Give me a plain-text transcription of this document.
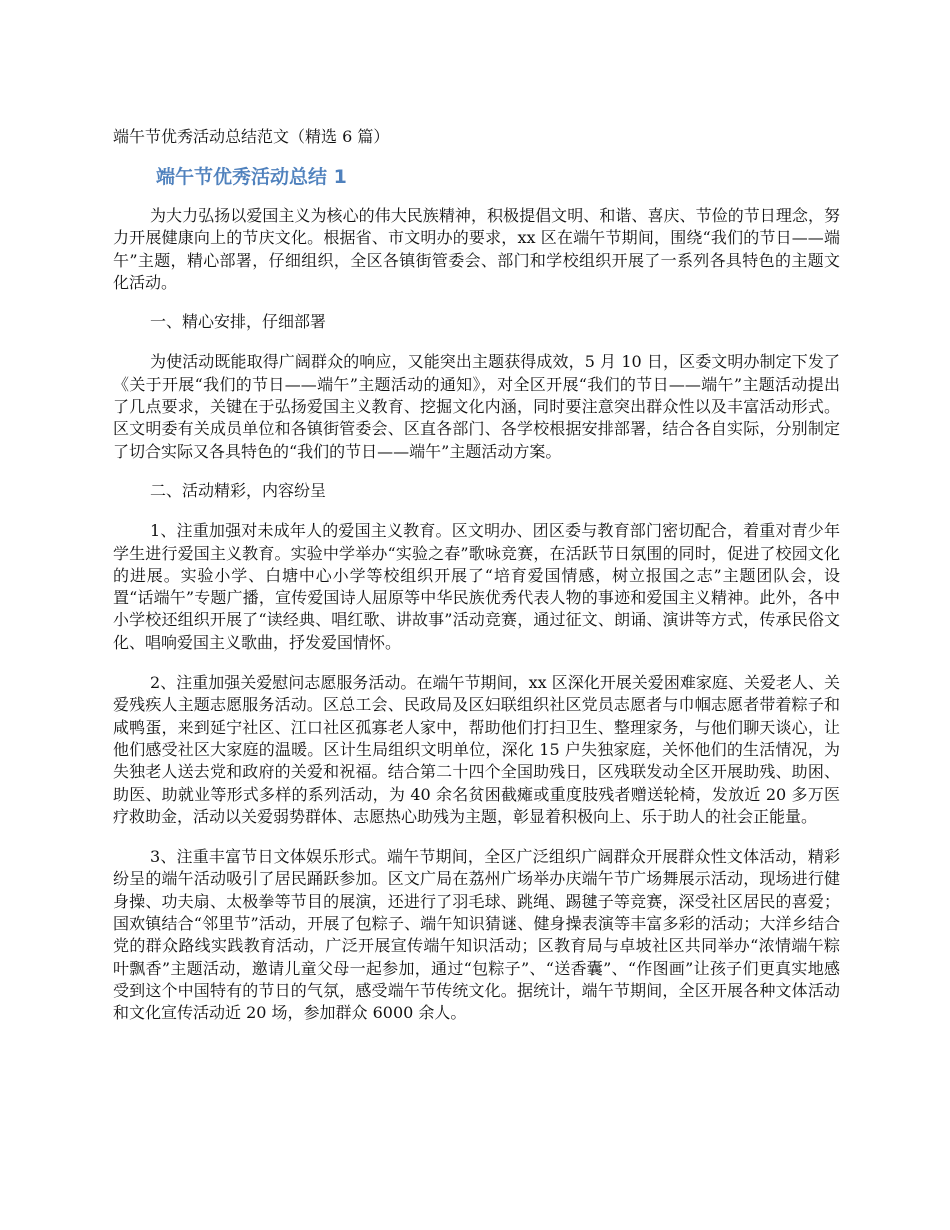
端午节优秀活动总结范文（精选 6 篇）
端午节优秀活动总结 1

为大力弘扬以爱国主义为核心的伟大民族精神，积极提倡文明、和谐、喜庆、节俭的节日理念，努力开展健康向上的节庆文化。根据省、市文明办的要求，xx 区在端午节期间，围绕“我们的节日——端午”主题，精心部署，仔细组织，全区各镇街管委会、部门和学校组织开展了一系列各具特色的主题文化活动。

一、精心安排，仔细部署

为使活动既能取得广阔群众的响应，又能突出主题获得成效，5 月 10 日，区委文明办制定下发了《关于开展“我们的节日——端午”主题活动的通知》，对全区开展“我们的节日——端午”主题活动提出了几点要求，关键在于弘扬爱国主义教育、挖掘文化内涵，同时要注意突出群众性以及丰富活动形式。区文明委有关成员单位和各镇街管委会、区直各部门、各学校根据安排部署，结合各自实际，分别制定了切合实际又各具特色的“我们的节日——端午”主题活动方案。

二、活动精彩，内容纷呈

1、注重加强对未成年人的爱国主义教育。区文明办、团区委与教育部门密切配合，着重对青少年学生进行爱国主义教育。实验中学举办“实验之春”歌咏竞赛，在活跃节日氛围的同时，促进了校园文化的进展。实验小学、白塘中心小学等校组织开展了“培育爱国情感，树立报国之志”主题团队会，设置“话端午”专题广播，宣传爱国诗人屈原等中华民族优秀代表人物的事迹和爱国主义精神。此外，各中小学校还组织开展了“读经典、唱红歌、讲故事”活动竞赛，通过征文、朗诵、演讲等方式，传承民俗文化、唱响爱国主义歌曲，抒发爱国情怀。

2、注重加强关爱慰问志愿服务活动。在端午节期间，xx 区深化开展关爱困难家庭、关爱老人、关爱残疾人主题志愿服务活动。区总工会、民政局及区妇联组织社区党员志愿者与巾帼志愿者带着粽子和咸鸭蛋，来到延宁社区、江口社区孤寡老人家中，帮助他们打扫卫生、整理家务，与他们聊天谈心，让他们感受社区大家庭的温暖。区计生局组织文明单位，深化 15 户失独家庭，关怀他们的生活情况，为失独老人送去党和政府的关爱和祝福。结合第二十四个全国助残日，区残联发动全区开展助残、助困、助医、助就业等形式多样的系列活动，为 40 余名贫困截瘫或重度肢残者赠送轮椅，发放近 20 多万医疗救助金，活动以关爱弱势群体、志愿热心助残为主题，彰显着积极向上、乐于助人的社会正能量。

3、注重丰富节日文体娱乐形式。端午节期间，全区广泛组织广阔群众开展群众性文体活动，精彩纷呈的端午活动吸引了居民踊跃参加。区文广局在荔州广场举办庆端午节广场舞展示活动，现场进行健身操、功夫扇、太极拳等节目的展演，还进行了羽毛球、跳绳、踢毽子等竞赛，深受社区居民的喜爱；国欢镇结合“邻里节”活动，开展了包粽子、端午知识猜谜、健身操表演等丰富多彩的活动；大洋乡结合党的群众路线实践教育活动，广泛开展宣传端午知识活动；区教育局与卓坡社区共同举办“浓情端午粽叶飘香”主题活动，邀请儿童父母一起参加，通过“包粽子”、“送香囊”、“作图画”让孩子们更真实地感受到这个中国特有的节日的气氛，感受端午节传统文化。据统计，端午节期间，全区开展各种文体活动和文化宣传活动近 20 场，参加群众 6000 余人。
